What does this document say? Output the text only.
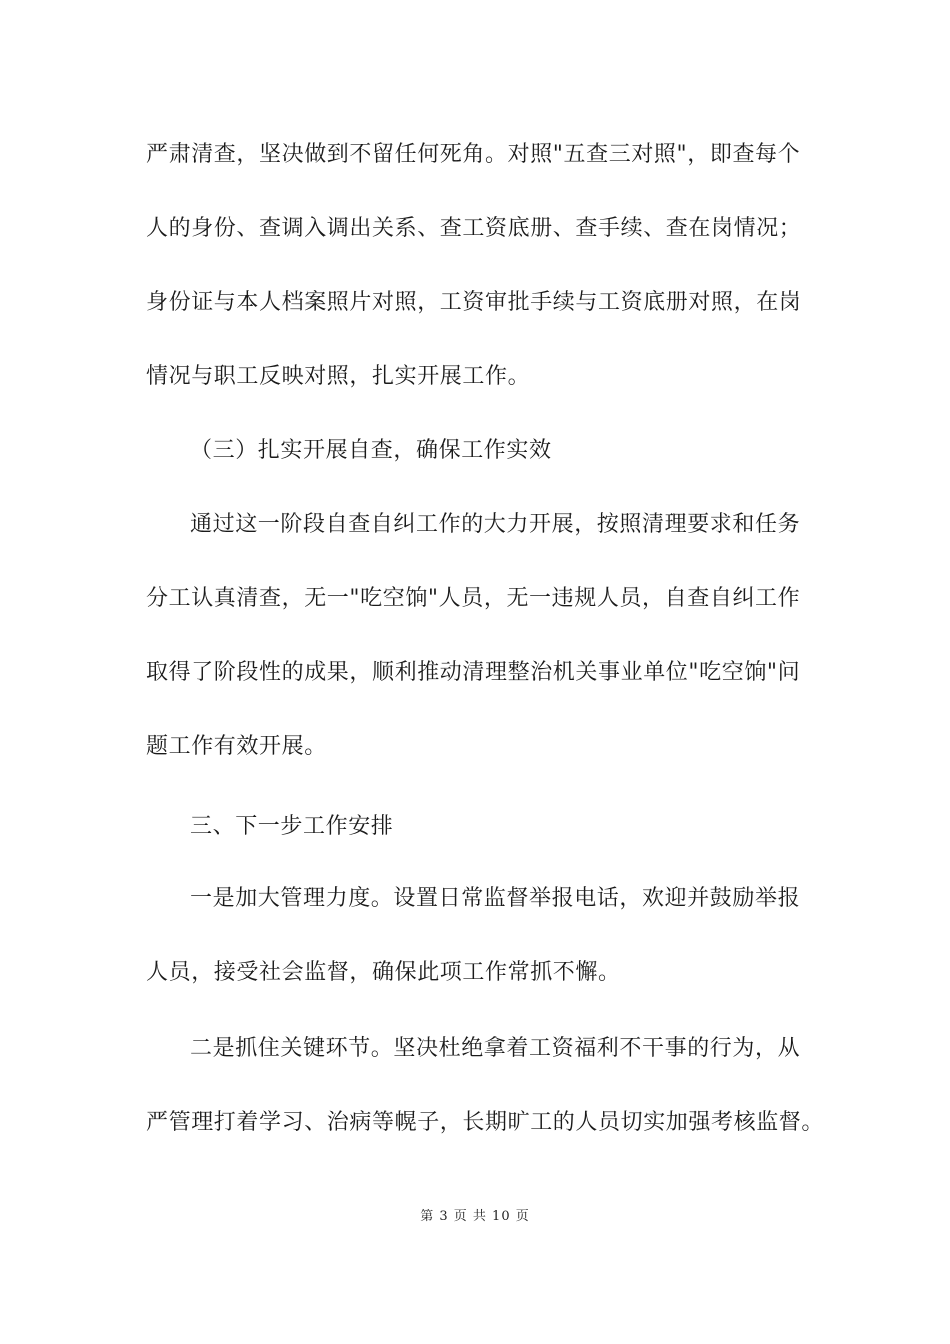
严肃清查，坚决做到不留任何死角。对照"五查三对照"，即查每个
人的身份、查调入调出关系、查工资底册、查手续、查在岗情况；
身份证与本人档案照片对照，工资审批手续与工资底册对照，在岗
情况与职工反映对照，扎实开展工作。
（三）扎实开展自查，确保工作实效
通过这一阶段自查自纠工作的大力开展，按照清理要求和任务
分工认真清查，无一"吃空饷"人员，无一违规人员，自查自纠工作
取得了阶段性的成果，顺利推动清理整治机关事业单位"吃空饷"问
题工作有效开展。
三、下一步工作安排
一是加大管理力度。设置日常监督举报电话，欢迎并鼓励举报
人员，接受社会监督，确保此项工作常抓不懈。
二是抓住关键环节。坚决杜绝拿着工资福利不干事的行为，从
严管理打着学习、治病等幌子，长期旷工的人员切实加强考核监督。
第 3 页 共 10 页
